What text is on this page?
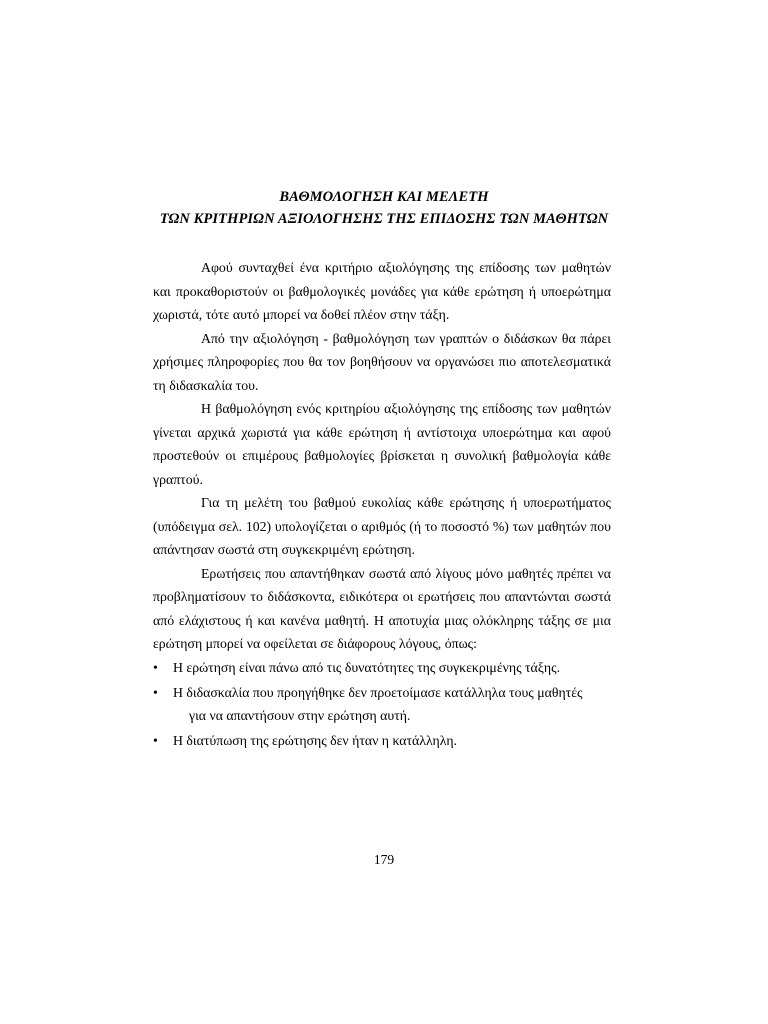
ΒΑΘΜΟΛΟΓΗΣΗ ΚΑΙ ΜΕΛΕΤΗ
ΤΩΝ ΚΡΙΤΗΡΙΩΝ ΑΞΙΟΛΟΓΗΣΗΣ ΤΗΣ ΕΠΙΔΟΣΗΣ ΤΩΝ ΜΑΘΗΤΩΝ

Αφού συνταχθεί ένα κριτήριο αξιολόγησης της επίδοσης των μαθητών και προκαθοριστούν οι βαθμολογικές μονάδες για κάθε ερώτηση ή υποερώτημα χωριστά, τότε αυτό μπορεί να δοθεί πλέον στην τάξη.

Από την αξιολόγηση - βαθμολόγηση των γραπτών ο διδάσκων θα πάρει χρήσιμες πληροφορίες που θα τον βοηθήσουν να οργανώσει πιο αποτελεσματικά τη διδασκαλία του.

Η βαθμολόγηση ενός κριτηρίου αξιολόγησης της επίδοσης των μαθητών γίνεται αρχικά χωριστά για κάθε ερώτηση ή αντίστοιχα υποερώτημα και αφού προστεθούν οι επιμέρους βαθμολογίες βρίσκεται η συνολική βαθμολογία κάθε γραπτού.

Για τη μελέτη του βαθμού ευκολίας κάθε ερώτησης ή υποερωτήματος (υπόδειγμα σελ. 102) υπολογίζεται ο αριθμός (ή το ποσοστό %) των μαθητών που απάντησαν σωστά στη συγκεκριμένη ερώτηση.

Ερωτήσεις που απαντήθηκαν σωστά από λίγους μόνο μαθητές πρέπει να προβληματίσουν το διδάσκοντα, ειδικότερα οι ερωτήσεις που απαντώνται σωστά από ελάχιστους ή και κανένα μαθητή. Η αποτυχία μιας ολόκληρης τάξης σε μια ερώτηση μπορεί να οφείλεται σε διάφορους λόγους, όπως:

•	Η ερώτηση είναι πάνω από τις δυνατότητες της συγκεκριμένης τάξης.
•	Η διδασκαλία που προηγήθηκε δεν προετοίμασε κατάλληλα τους μαθητές
για να απαντήσουν στην ερώτηση αυτή.
•	Η διατύπωση της ερώτησης δεν ήταν η κατάλληλη.
179
